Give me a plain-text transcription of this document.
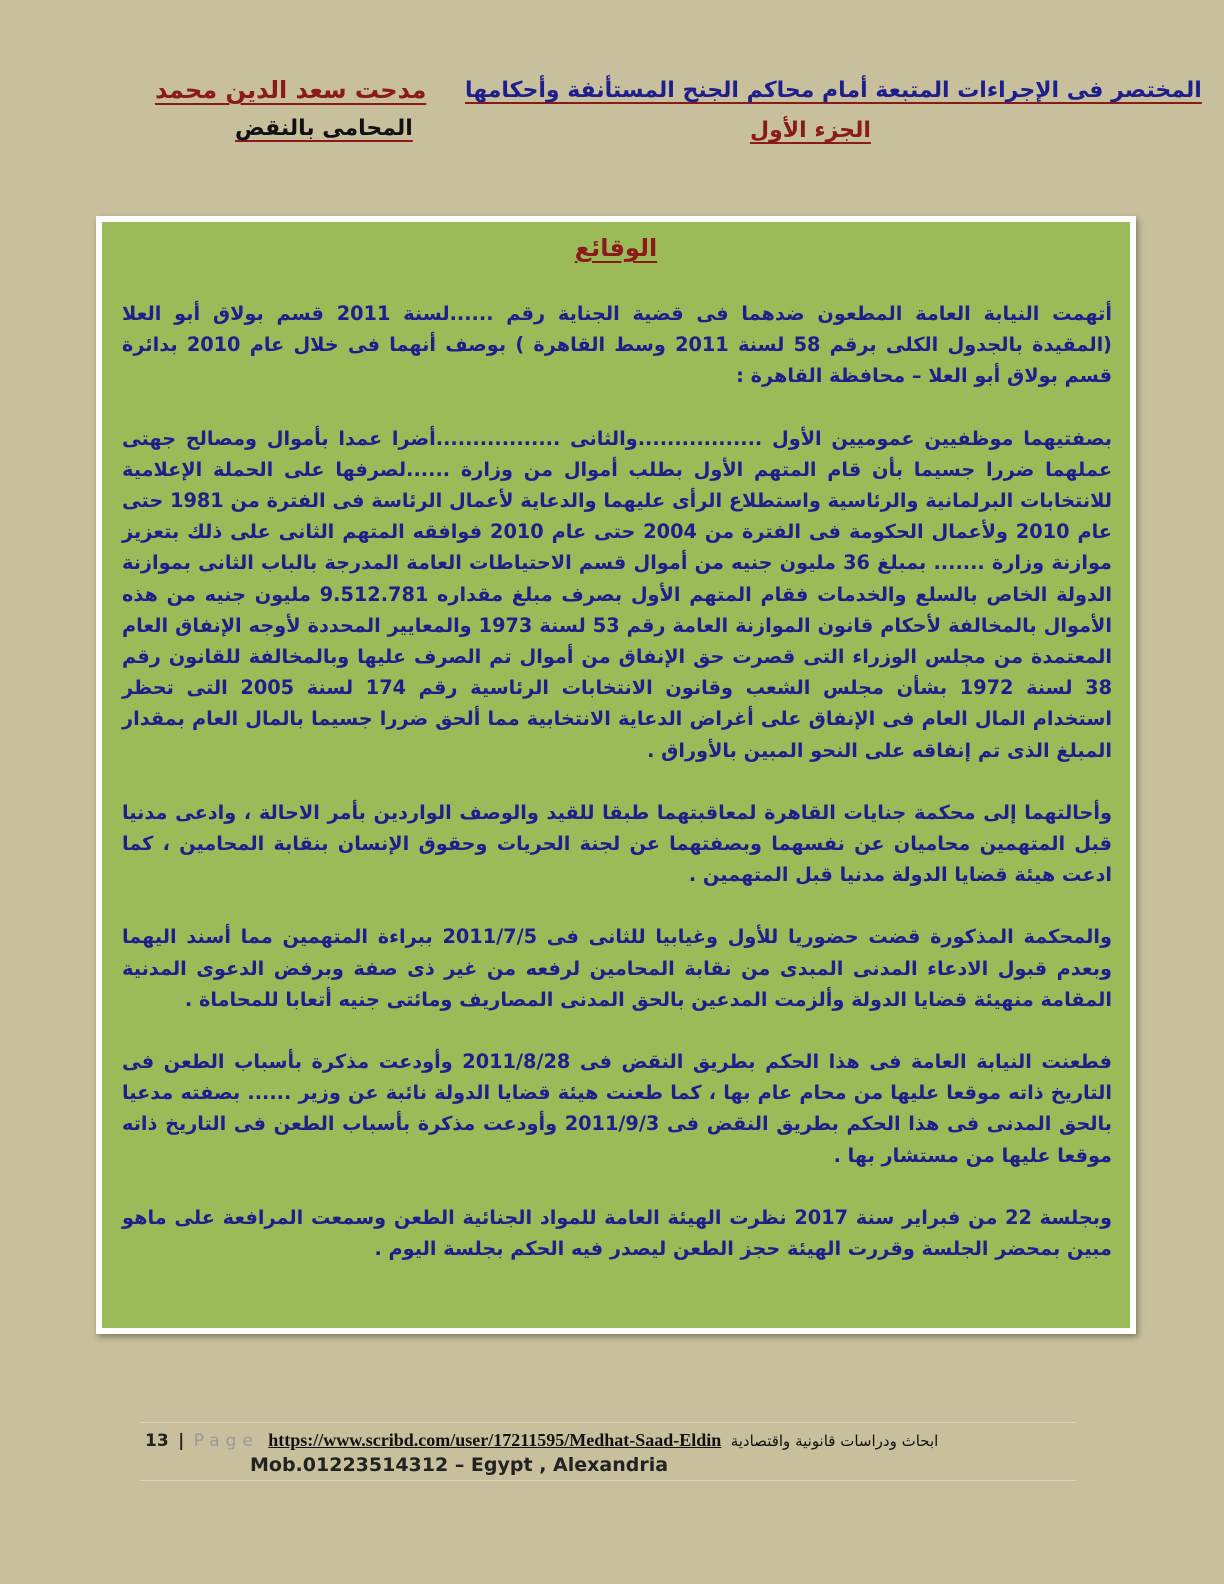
المختصر فى الإجراءات المتبعة أمام محاكم الجنح المستأنفة وأحكامها
الجزء الأول
مدحت سعد الدين محمد
المحامى بالنقض
الوقائع

أتهمت النيابة العامة المطعون ضدهما فى قضية الجناية رقم ......لسنة 2011 قسم بولاق أبو العلا (المقيدة بالجدول الكلى برقم 58 لسنة 2011 وسط القاهرة ) بوصف أنهما فى خلال عام 2010 بدائرة قسم بولاق أبو العلا – محافظة القاهرة :

بصفتيهما موظفيين عموميين الأول .................والثانى .................أضرا عمدا بأموال ومصالح جهتى عملهما ضررا جسيما بأن قام المتهم الأول بطلب أموال من وزارة ......لصرفها على الحملة الإعلامية للانتخابات البرلمانية والرئاسية واستطلاع الرأى عليهما والدعاية لأعمال الرئاسة فى الفترة من 1981 حتى عام 2010 ولأعمال الحكومة فى الفترة من 2004 حتى عام 2010 فوافقه المتهم الثانى على ذلك بتعزيز موازنة وزارة ....... بمبلغ 36 مليون جنيه من أموال قسم الاحتياطات العامة المدرجة بالباب الثانى بموازنة الدولة الخاص بالسلع والخدمات فقام المتهم الأول بصرف مبلغ مقداره 9.512.781 مليون جنيه من هذه الأموال بالمخالفة لأحكام قانون الموازنة العامة رقم 53 لسنة 1973 والمعايير المحددة لأوجه الإنفاق العام المعتمدة من مجلس الوزراء التى قصرت حق الإنفاق من أموال تم الصرف عليها وبالمخالفة للقانون رقم 38 لسنة 1972 بشأن مجلس الشعب وقانون الانتخابات الرئاسية رقم 174 لسنة 2005 التى تحظر استخدام المال العام فى الإنفاق على أغراض الدعاية الانتخابية مما ألحق ضررا جسيما بالمال العام بمقدار المبلغ الذى تم إنفاقه على النحو المبين بالأوراق .

وأحالتهما إلى محكمة جنايات القاهرة لمعاقبتهما طبقا للقيد والوصف الواردين بأمر الاحالة ، وادعى مدنيا قبل المتهمين محاميان عن نفسهما وبصفتهما عن لجنة الحريات وحقوق الإنسان بنقابة المحامين ، كما ادعت هيئة قضايا الدولة مدنيا قبل المتهمين .

والمحكمة المذكورة قضت حضوريا للأول وغيابيا للثانى فى 2011/7/5 ببراءة المتهمين مما أسند اليهما وبعدم قبول الادعاء المدنى المبدى من نقابة المحامين لرفعه من غير ذى صفة وبرفض الدعوى المدنية المقامة منهيئة قضايا الدولة وألزمت المدعين بالحق المدنى المصاريف ومائتى جنيه أتعابا للمحاماة .

فطعنت النيابة العامة فى هذا الحكم بطريق النقض فى 2011/8/28 وأودعت مذكرة بأسباب الطعن فى التاريخ ذاته موقعا عليها من محام عام بها ، كما طعنت هيئة قضايا الدولة نائبة عن وزير ...... بصفته مدعيا بالحق المدنى فى هذا الحكم بطريق النقض فى 2011/9/3 وأودعت مذكرة بأسباب الطعن فى التاريخ ذاته موقعا عليها من مستشار بها .

وبجلسة 22 من فبراير سنة 2017 نظرت الهيئة العامة للمواد الجنائية الطعن وسمعت المرافعة على ماهو مبين بمحضر الجلسة وقررت الهيئة حجز الطعن ليصدر فيه الحكم بجلسة اليوم .

13 | Page https://www.scribd.com/user/17211595/Medhat-Saad-Eldin ابحاث ودراسات قانونية واقتصادية
Mob.01223514312 – Egypt , Alexandria
